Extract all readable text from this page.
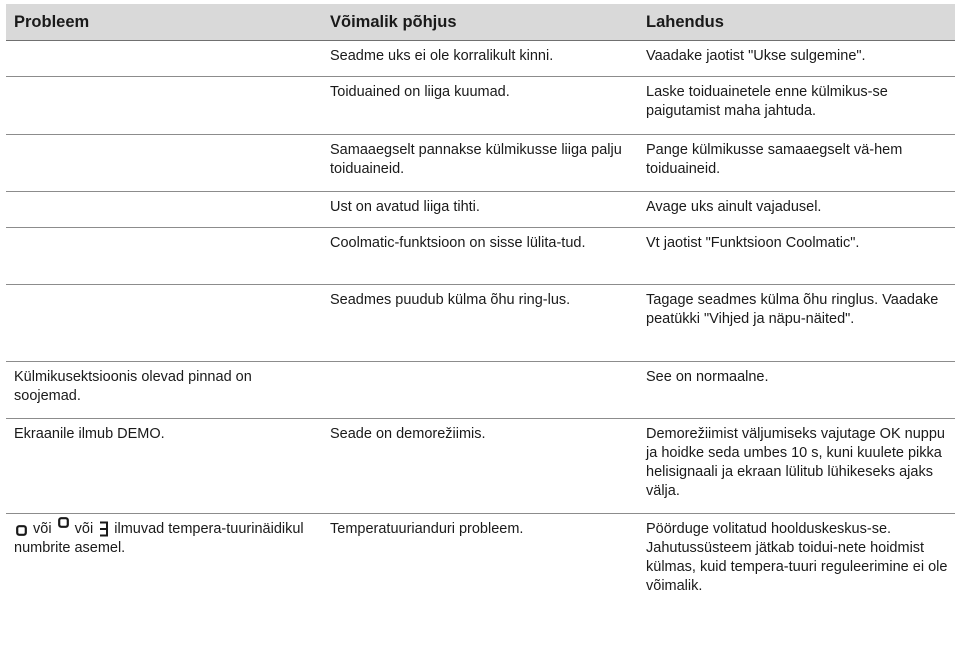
Probleem	Võimalik põhjus	Lahendus
	Seadme uks ei ole korralikult kinni.	Vaadake jaotist "Ukse sulgemine".
	Toiduained on liiga kuumad.	Laske toiduainetele enne külmikus-se paigutamist maha jahtuda.
	Samaaegselt pannakse külmikusse liiga palju toiduaineid.	Pange külmikusse samaaegselt vä-hem toiduaineid.
	Ust on avatud liiga tihti.	Avage uks ainult vajadusel.
	Coolmatic-funktsioon on sisse lülita-tud.	Vt jaotist "Funktsioon Coolmatic".
	Seadmes puudub külma õhu ring-lus.	Tagage seadmes külma õhu ringlus. Vaadake peatükki "Vihjed ja näpu-näited".
Külmikusektsioonis olevad pinnad on soojemad.		See on normaalne.
Ekraanile ilmub DEMO.	Seade on demorežiimis.	Demorežiimist väljumiseks vajutage OK nuppu ja hoidke seda umbes 10 s, kuni kuulete pikka helisignaali ja ekraan lülitub lühikeseks ajaks välja.

või või ilmuvad tempera-tuurinäidikul numbrite asemel.	Temperatuurianduri probleem.	Pöörduge volitatud hoolduskeskus-se. Jahutussüsteem jätkab toidui-nete hoidmist külmas, kuid tempera-tuuri reguleerimine ei ole võimalik.
